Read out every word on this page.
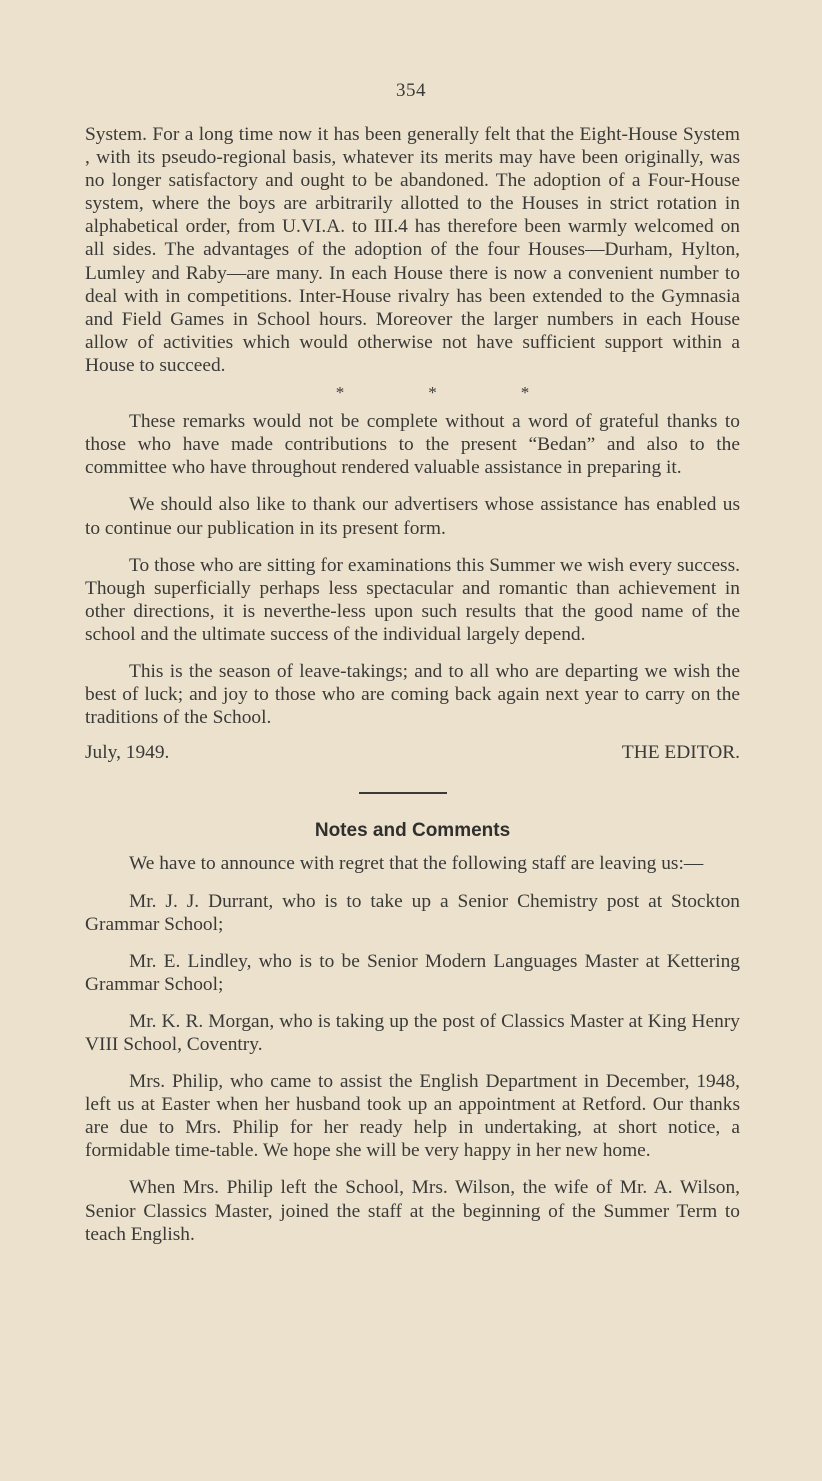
354

System. For a long time now it has been generally felt that the Eight-House System , with its pseudo-regional basis, whatever its merits may have been originally, was no longer satisfactory and ought to be abandoned. The adoption of a Four-House system, where the boys are arbitrarily allotted to the Houses in strict rotation in alphabetical order, from U.VI.A. to III.4 has therefore been warmly welcomed on all sides. The advantages of the adoption of the four Houses—Durham, Hylton, Lumley and Raby—are many. In each House there is now a convenient number to deal with in competitions. Inter-House rivalry has been extended to the Gymnasia and Field Games in School hours. Moreover the larger numbers in each House allow of activities which would otherwise not have sufficient support within a House to succeed.

*	*	*

These remarks would not be complete without a word of grateful thanks to those who have made contributions to the present “Bedan” and also to the committee who have throughout rendered valuable assistance in preparing it.

We should also like to thank our advertisers whose assistance has enabled us to continue our publication in its present form.

To those who are sitting for examinations this Summer we wish every success. Though superficially perhaps less spectacular and romantic than achievement in other directions, it is neverthe-less upon such results that the good name of the school and the ultimate success of the individual largely depend.

This is the season of leave-takings; and to all who are departing we wish the best of luck; and joy to those who are coming back again next year to carry on the traditions of the School.

July, 1949.	THE EDITOR.
Notes and Comments

We have to announce with regret that the following staff are leaving us:—

Mr. J. J. Durrant, who is to take up a Senior Chemistry post at Stockton Grammar School;

Mr. E. Lindley, who is to be Senior Modern Languages Master at Kettering Grammar School;

Mr. K. R. Morgan, who is taking up the post of Classics Master at King Henry VIII School, Coventry.

Mrs. Philip, who came to assist the English Department in December, 1948, left us at Easter when her husband took up an appointment at Retford. Our thanks are due to Mrs. Philip for her ready help in undertaking, at short notice, a formidable time-table. We hope she will be very happy in her new home.

When Mrs. Philip left the School, Mrs. Wilson, the wife of Mr. A. Wilson, Senior Classics Master, joined the staff at the beginning of the Summer Term to teach English.
